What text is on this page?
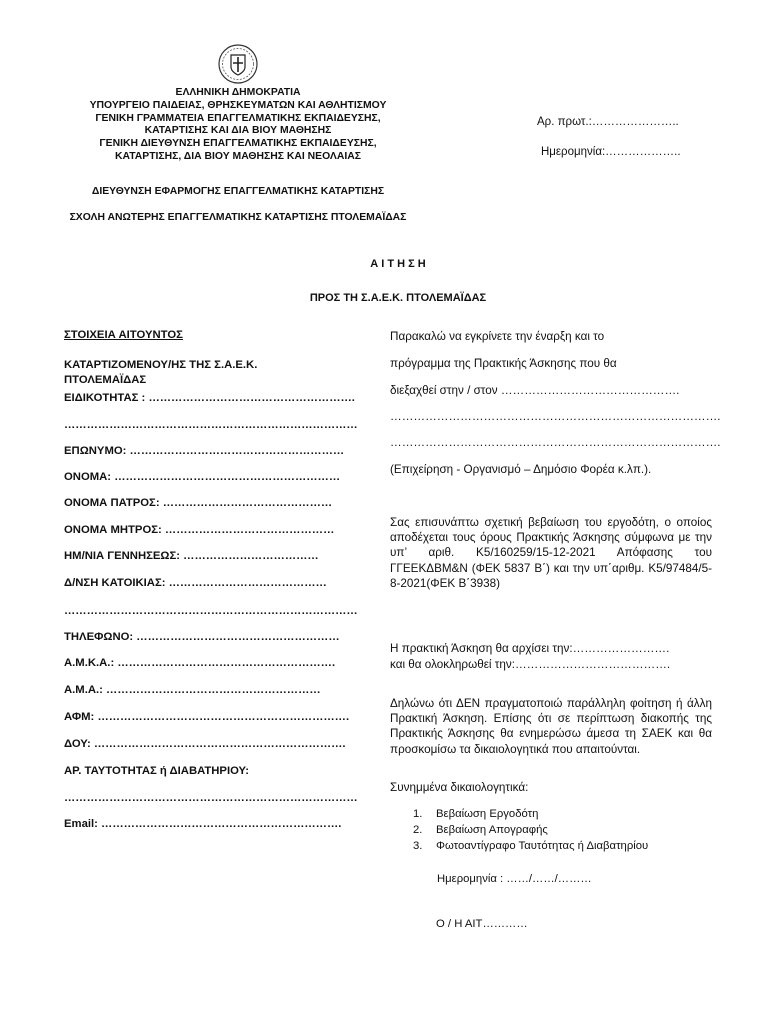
ΕΛΛΗΝΙΚΗ ΔΗΜΟΚΡΑΤΙΑ
ΥΠΟΥΡΓΕΙΟ ΠΑΙΔΕΙΑΣ, ΘΡΗΣΚΕΥΜΑΤΩΝ ΚΑΙ ΑΘΛΗΤΙΣΜΟΥ
ΓΕΝΙΚΗ ΓΡΑΜΜΑΤΕΙΑ ΕΠΑΓΓΕΛΜΑΤΙΚΗΣ ΕΚΠΑΙΔΕΥΣΗΣ,
ΚΑΤΑΡΤΙΣΗΣ ΚΑΙ ΔΙΑ ΒΙΟΥ ΜΑΘΗΣΗΣ
ΓΕΝΙΚΗ ΔΙΕΥΘΥΝΣΗ ΕΠΑΓΓΕΛΜΑΤΙΚΗΣ ΕΚΠΑΙΔΕΥΣΗΣ,
ΚΑΤΑΡΤΙΣΗΣ, ΔΙΑ ΒΙΟΥ ΜΑΘΗΣΗΣ ΚΑΙ ΝΕΟΛΑΙΑΣ
ΔΙΕΥΘΥΝΣΗ ΕΦΑΡΜΟΓΗΣ ΕΠΑΓΓΕΛΜΑΤΙΚΗΣ ΚΑΤΑΡΤΙΣΗΣ
ΣΧΟΛΗ ΑΝΩΤΕΡΗΣ ΕΠΑΓΓΕΛΜΑΤΙΚΗΣ ΚΑΤΑΡΤΙΣΗΣ ΠΤΟΛΕΜΑΪΔΑΣ
Αρ. πρωτ.:…………………..
Ημερομηνία:………………..
Α Ι Τ Η Σ Η
ΠΡΟΣ ΤΗ Σ.Α.Ε.Κ. ΠΤΟΛΕΜΑΪΔΑΣ
ΣΤΟΙΧΕΙΑ ΑΙΤΟΥΝΤΟΣ
ΚΑΤΑΡΤΙΖΟΜΕΝΟΥ/ΗΣ ΤΗΣ Σ.Α.Ε.Κ.
ΠΤΟΛΕΜΑΪΔΑΣ
ΕΙΔΙΚΟΤΗΤΑΣ : ……………………………………………….
……………………………………………………………………
ΕΠΩΝΥΜΟ: …………………………………………………
ΟΝΟΜΑ: ……………………………………………………
ΟΝΟΜΑ ΠΑΤΡΟΣ: ………………………………………
ΟΝΟΜΑ ΜΗΤΡΟΣ: ………………………………………
ΗΜ/ΝΙΑ ΓΕΝΝΗΣΕΩΣ: ………………………………
Δ/ΝΣΗ ΚΑΤΟΙΚΙΑΣ: ……………………………………
……………………………………………………………………
ΤΗΛΕΦΩΝΟ: ………………………………………………
Α.Μ.Κ.Α.: ………………………………………………….
Α.Μ.Α.: …………………………………………………
ΑΦΜ: ………………………………………………………….
ΔΟΥ: ………………………………………………………….
ΑΡ. ΤΑΥΤΟΤΗΤΑΣ ή ΔΙΑΒΑΤΗΡΙΟΥ:
……………………………………………………………………
Email: ……………………………………………………….
Παρακαλώ να εγκρίνετε την έναρξη και το
πρόγραμμα της Πρακτικής Άσκησης που θα
διεξαχθεί στην / στον ……………………………………….
………………………………………………………………………….
………………………………………………………………………….
(Επιχείρηση - Οργανισμό – Δημόσιο Φορέα κ.λπ.).
Σας επισυνάπτω σχετική βεβαίωση του εργοδότη, ο οποίος αποδέχεται τους όρους Πρακτικής Άσκησης σύμφωνα με την υπ’ αριθ. Κ5/160259/15-12-2021 Απόφασης του ΓΓΕΕΚΔΒΜ&Ν (ΦΕΚ 5837 Β΄) και την υπ΄αριθμ. Κ5/97484/5-8-2021(ΦΕΚ Β΄3938)
Η πρακτική Άσκηση θα αρχίσει την:…………………….
και θα ολοκληρωθεί την:………………………………….
Δηλώνω ότι ΔΕΝ πραγματοποιώ παράλληλη φοίτηση ή άλλη Πρακτική Άσκηση. Επίσης ότι σε περίπτωση διακοπής της Πρακτικής Άσκησης θα ενημερώσω άμεσα τη ΣΑΕΚ και θα προσκομίσω τα δικαιολογητικά που απαιτούνται.
Συνημμένα δικαιολογητικά:
1. Βεβαίωση Εργοδότη
2. Βεβαίωση Απογραφής
3. Φωτοαντίγραφο Ταυτότητας ή Διαβατηρίου
Ημερομηνία : ……/……/………
Ο / Η ΑΙΤ…………
